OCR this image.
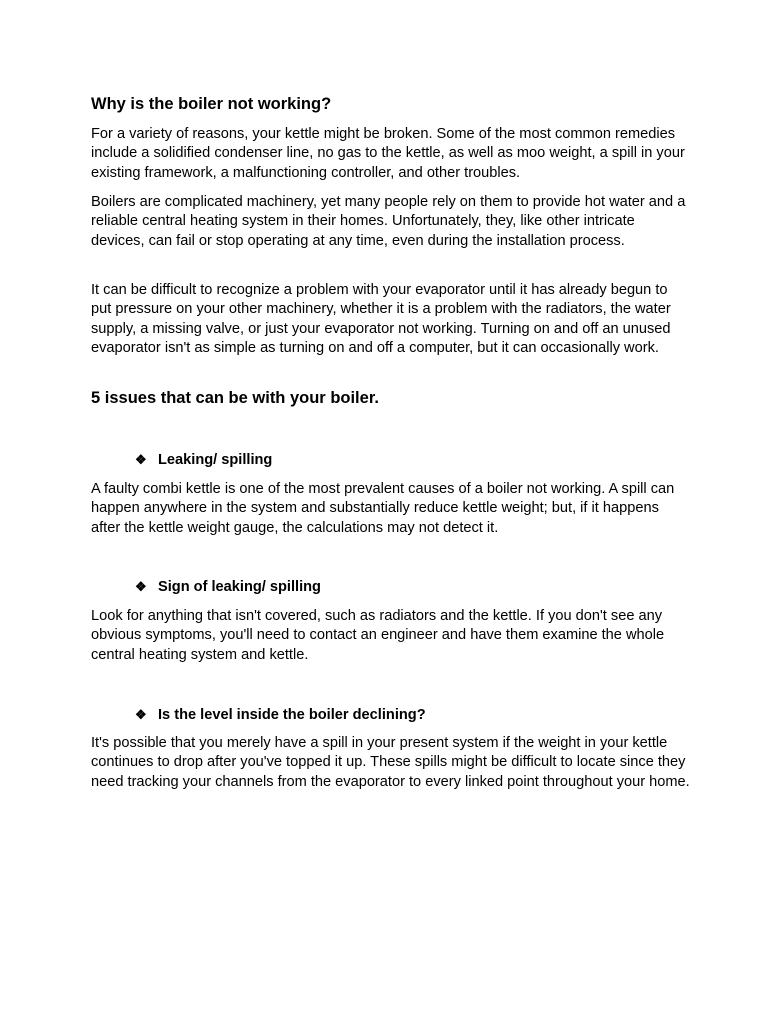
Why is the boiler not working?

For a variety of reasons, your kettle might be broken. Some of the most common remedies include a solidified condenser line, no gas to the kettle, as well as moo weight, a spill in your existing framework, a malfunctioning controller, and other troubles.

Boilers are complicated machinery, yet many people rely on them to provide hot water and a reliable central heating system in their homes. Unfortunately, they, like other intricate devices, can fail or stop operating at any time, even during the installation process.

It can be difficult to recognize a problem with your evaporator until it has already begun to put pressure on your other machinery, whether it is a problem with the radiators, the water supply, a missing valve, or just your evaporator not working. Turning on and off an unused evaporator isn't as simple as turning on and off a computer, but it can occasionally work.

5 issues that can be with your boiler.
❖ Leaking/ spilling

A faulty combi kettle is one of the most prevalent causes of a boiler not working. A spill can happen anywhere in the system and substantially reduce kettle weight; but, if it happens after the kettle weight gauge, the calculations may not detect it.

❖ Sign of leaking/ spilling

Look for anything that isn't covered, such as radiators and the kettle. If you don't see any obvious symptoms, you'll need to contact an engineer and have them examine the whole central heating system and kettle.

❖ Is the level inside the boiler declining?

It's possible that you merely have a spill in your present system if the weight in your kettle continues to drop after you've topped it up. These spills might be difficult to locate since they need tracking your channels from the evaporator to every linked point throughout your home.
